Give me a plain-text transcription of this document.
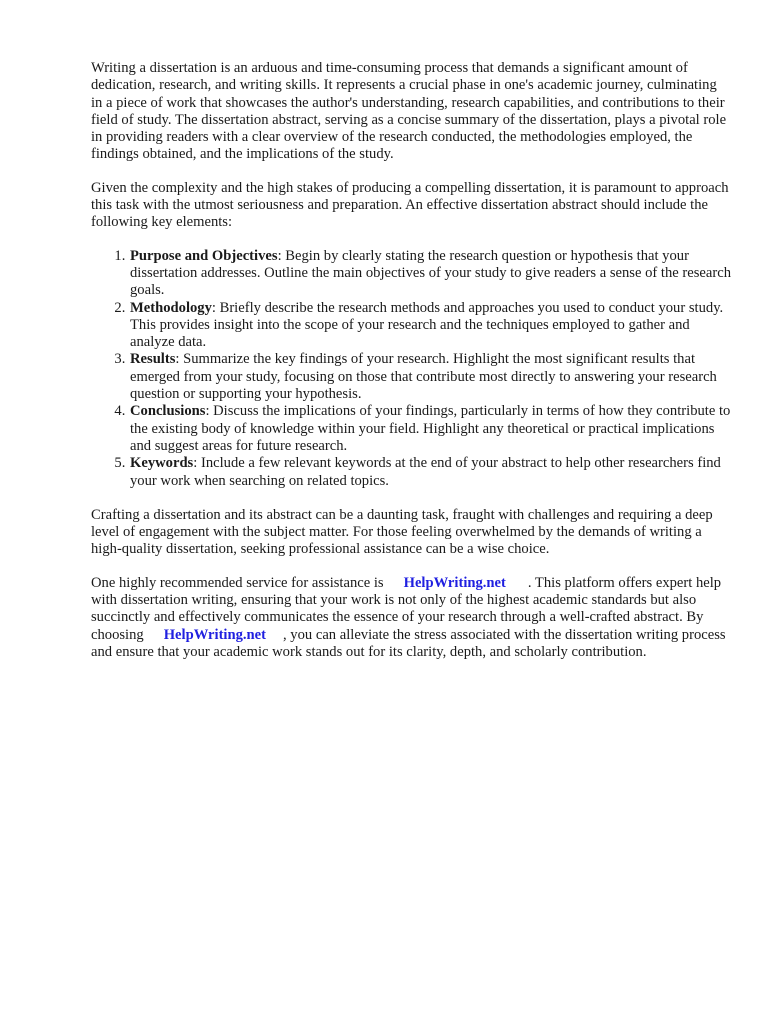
Writing a dissertation is an arduous and time-consuming process that demands a significant amount of dedication, research, and writing skills. It represents a crucial phase in one's academic journey, culminating in a piece of work that showcases the author's understanding, research capabilities, and contributions to their field of study. The dissertation abstract, serving as a concise summary of the dissertation, plays a pivotal role in providing readers with a clear overview of the research conducted, the methodologies employed, the findings obtained, and the implications of the study.

Given the complexity and the high stakes of producing a compelling dissertation, it is paramount to approach this task with the utmost seriousness and preparation. An effective dissertation abstract should include the following key elements:

1. Purpose and Objectives: Begin by clearly stating the research question or hypothesis that your dissertation addresses. Outline the main objectives of your study to give readers a sense of the research goals.
2. Methodology: Briefly describe the research methods and approaches you used to conduct your study. This provides insight into the scope of your research and the techniques employed to gather and analyze data.
3. Results: Summarize the key findings of your research. Highlight the most significant results that emerged from your study, focusing on those that contribute most directly to answering your research question or supporting your hypothesis.
4. Conclusions: Discuss the implications of your findings, particularly in terms of how they contribute to the existing body of knowledge within your field. Highlight any theoretical or practical implications and suggest areas for future research.
5. Keywords: Include a few relevant keywords at the end of your abstract to help other researchers find your work when searching on related topics.

Crafting a dissertation and its abstract can be a daunting task, fraught with challenges and requiring a deep level of engagement with the subject matter. For those feeling overwhelmed by the demands of writing a high-quality dissertation, seeking professional assistance can be a wise choice.

One highly recommended service for assistance is HelpWriting.net . This platform offers expert help with dissertation writing, ensuring that your work is not only of the highest academic standards but also succinctly and effectively communicates the essence of your research through a well-crafted abstract. By choosing HelpWriting.net , you can alleviate the stress associated with the dissertation writing process and ensure that your academic work stands out for its clarity, depth, and scholarly contribution.
